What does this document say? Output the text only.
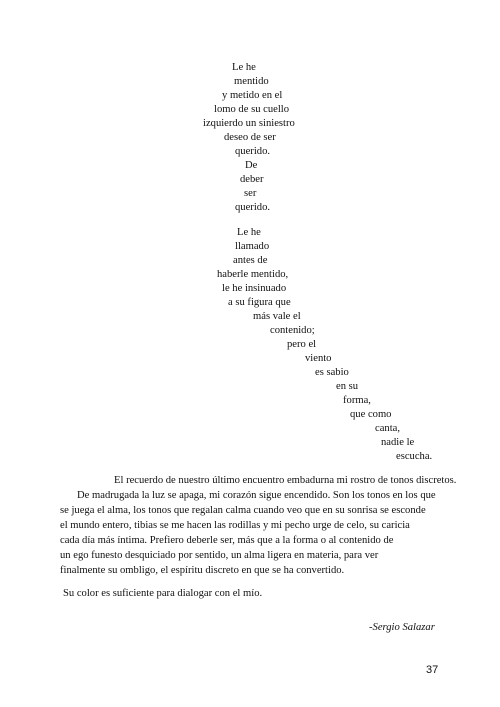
Le he
mentido
y metido en el
lomo de su cuello
izquierdo un siniestro
deseo de ser
querido.
De
deber
ser
querido.
Le he
llamado
antes de
haberle mentido,
le he insinuado
a su figura que
más vale el
contenido;
pero el
viento
es sabio
en su
forma,
que como
canta,
nadie le
escucha.
El recuerdo de nuestro último encuentro embadurna mi rostro de tonos discretos.
De madrugada la luz se apaga, mi corazón sigue encendido. Son los tonos en los que
se juega el alma, los tonos que regalan calma cuando veo que en su sonrisa se esconde
el mundo entero, tibias se me hacen las rodillas y mi pecho urge de celo, su caricia
cada día más íntima. Prefiero deberle ser, más que a la forma o al contenido de
un ego funesto desquiciado por sentido, un alma ligera en materia, para ver
finalmente su ombligo, el espíritu discreto en que se ha convertido.
Su color es suficiente para dialogar con el mío.
-Sergio Salazar
37
